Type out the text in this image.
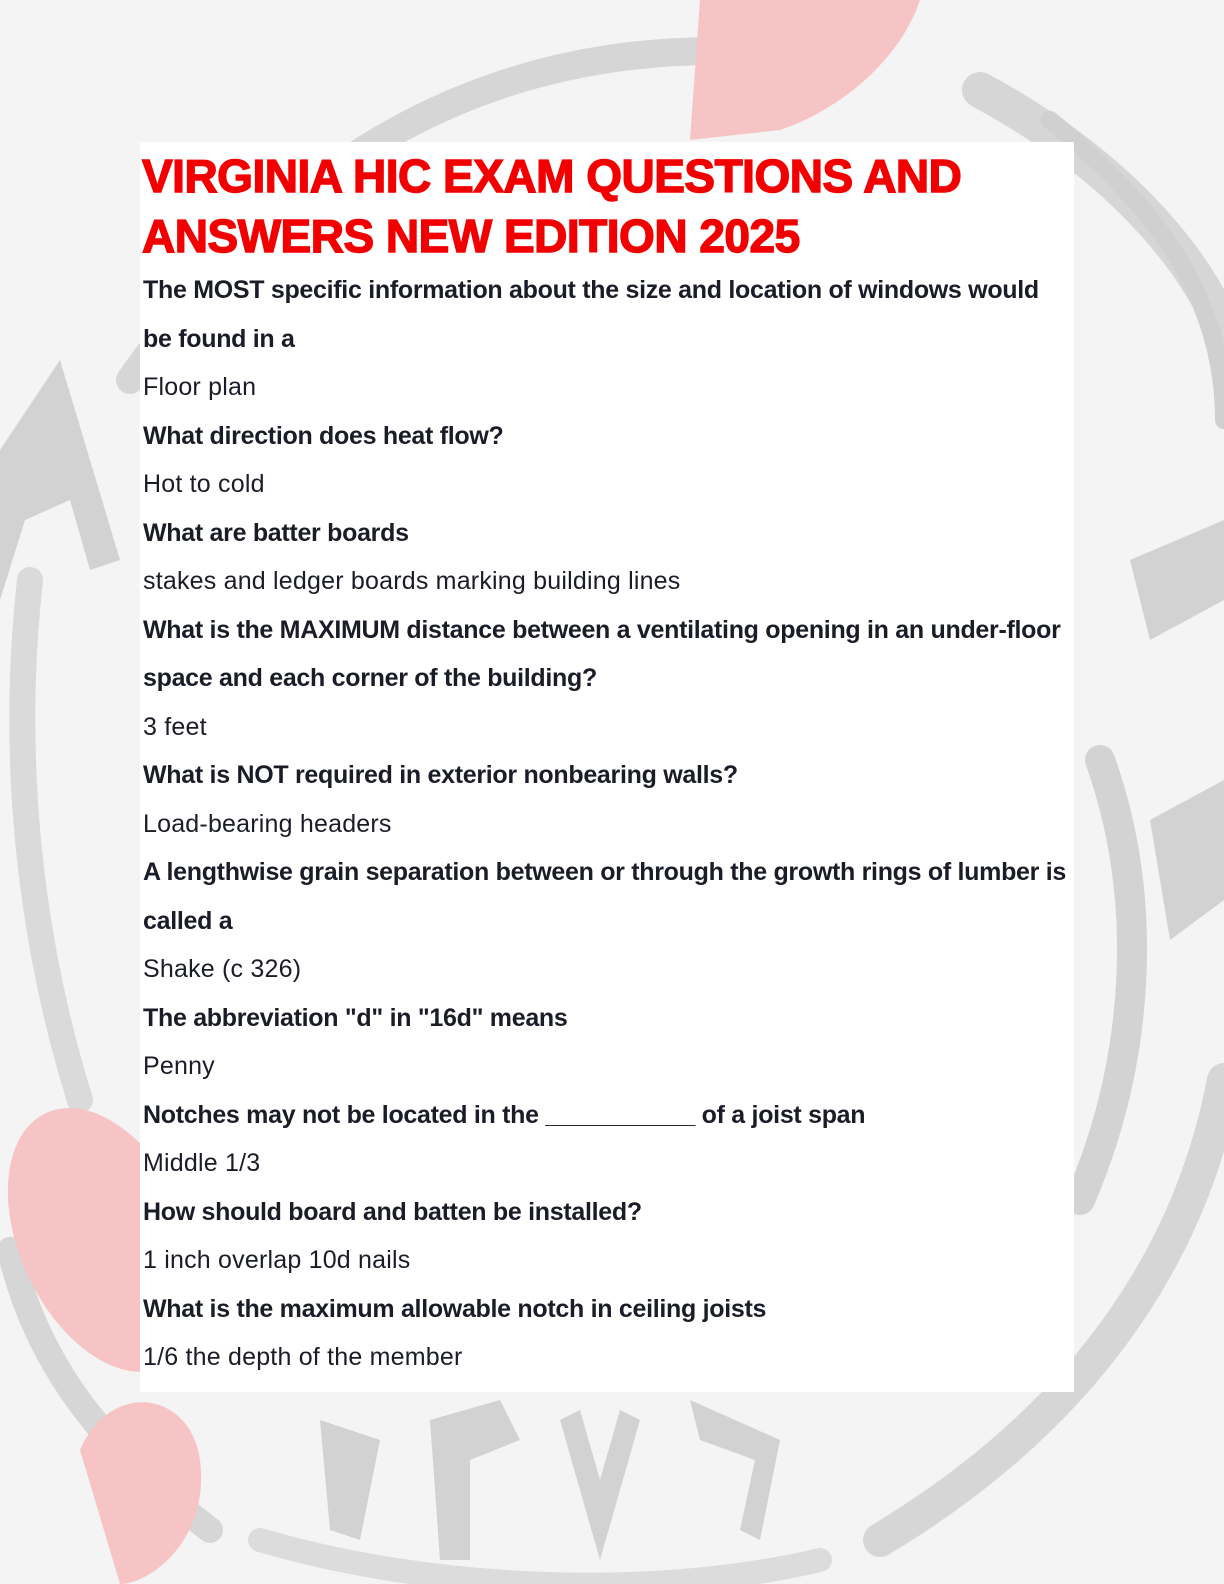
VIRGINIA HIC EXAM QUESTIONS AND ANSWERS NEW EDITION 2025
The MOST specific information about the size and location of windows would be found in a
Floor plan
What direction does heat flow?
Hot to cold
What are batter boards
stakes and ledger boards marking building lines
What is the MAXIMUM distance between a ventilating opening in an under-floor space and each corner of the building?
3 feet
What is NOT required in exterior nonbearing walls?
Load-bearing headers
A lengthwise grain separation between or through the growth rings of lumber is called a
Shake (c 326)
The abbreviation "d" in "16d" means
Penny
Notches may not be located in the ___________ of a joist span
Middle 1/3
How should board and batten be installed?
1 inch overlap 10d nails
What is the maximum allowable notch in ceiling joists
1/6 the depth of the member
